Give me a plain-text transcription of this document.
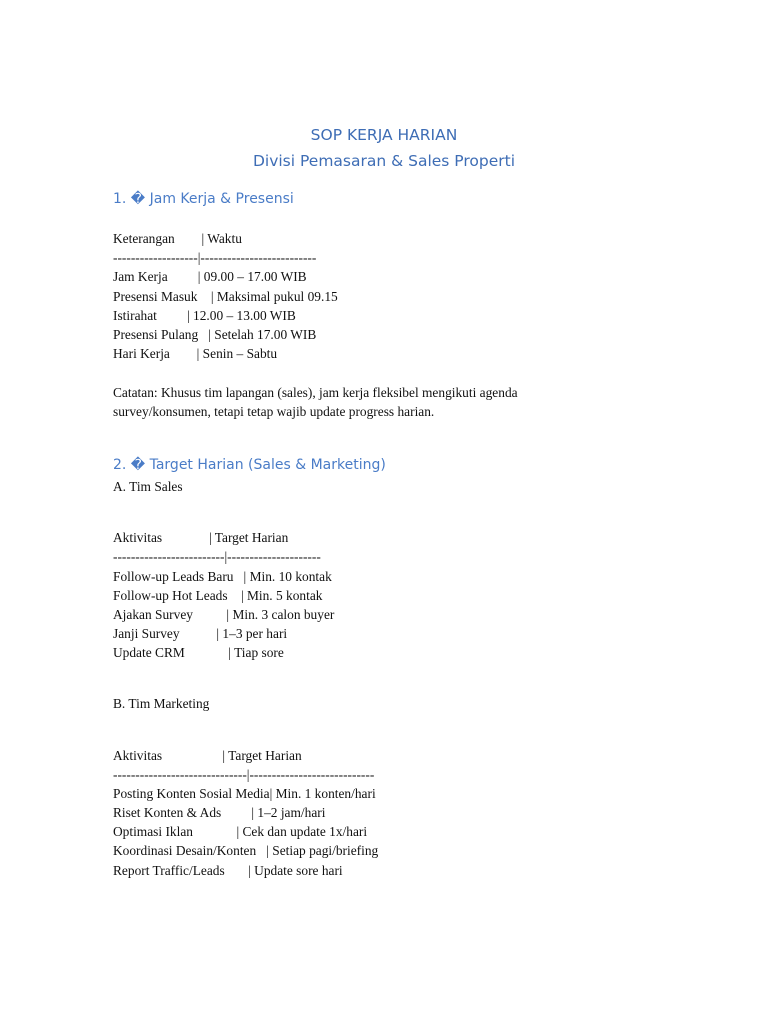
SOP KERJA HARIAN
Divisi Pemasaran & Sales Properti
1. � Jam Kerja & Presensi
Keterangan        | Waktu
-------------------|--------------------------
Jam Kerja         | 09.00 – 17.00 WIB
Presensi Masuk    | Maksimal pukul 09.15
Istirahat         | 12.00 – 13.00 WIB
Presensi Pulang   | Setelah 17.00 WIB
Hari Kerja        | Senin – Sabtu
Catatan: Khusus tim lapangan (sales), jam kerja fleksibel mengikuti agenda
survey/konsumen, tetapi tetap wajib update progress harian.
2. � Target Harian (Sales & Marketing)
A. Tim Sales
Aktivitas              | Target Harian
-------------------------|---------------------
Follow-up Leads Baru   | Min. 10 kontak
Follow-up Hot Leads    | Min. 5 kontak
Ajakan Survey          | Min. 3 calon buyer
Janji Survey           | 1–3 per hari
Update CRM             | Tiap sore
B. Tim Marketing
Aktivitas                  | Target Harian
------------------------------|----------------------------
Posting Konten Sosial Media| Min. 1 konten/hari
Riset Konten & Ads         | 1–2 jam/hari
Optimasi Iklan             | Cek dan update 1x/hari
Koordinasi Desain/Konten   | Setiap pagi/briefing
Report Traffic/Leads       | Update sore hari
